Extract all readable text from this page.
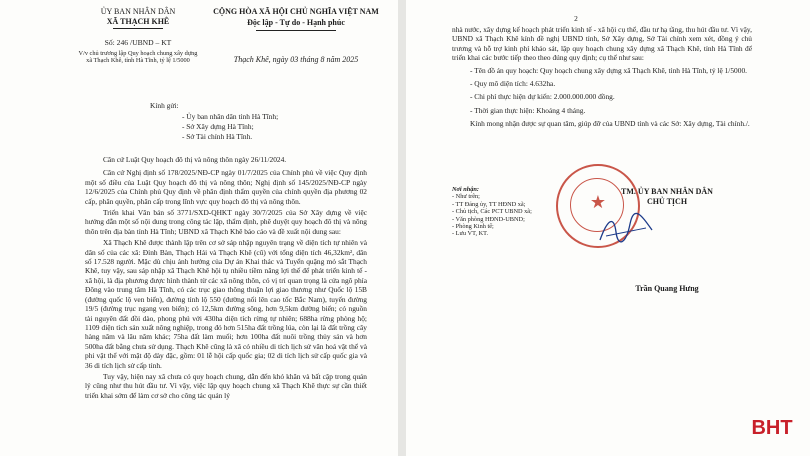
ỦY BAN NHÂN DÂN
XÃ THẠCH KHÊ
Số: 246 /UBND – KT
V/v chủ trương lập Quy hoạch chung xây dựng xã Thạch Khê, tỉnh Hà Tĩnh, tỷ lệ 1/5000
CỘNG HÒA XÃ HỘI CHỦ NGHĨA VIỆT NAM
Độc lập - Tự do - Hạnh phúc
Thạch Khê, ngày 03 tháng 8 năm 2025
Kính gửi:
- Ủy ban nhân dân tỉnh Hà Tĩnh;
- Sở Xây dựng Hà Tĩnh;
- Sở Tài chính Hà Tĩnh.

Căn cứ Luật Quy hoạch đô thị và nông thôn ngày 26/11/2024.

Căn cứ Nghị định số 178/2025/NĐ-CP ngày 01/7/2025 của Chính phủ về việc Quy định một số điều của Luật Quy hoạch đô thị và nông thôn; Nghị định số 145/2025/NĐ-CP ngày 12/6/2025 của Chính phủ Quy định về phân định thẩm quyền của chính quyền địa phương 02 cấp, phân quyền, phân cấp trong lĩnh vực quy hoạch đô thị và nông thôn.

Triển khai Văn bản số 3771/SXD-QHKT ngày 30/7/2025 của Sở Xây dựng về việc hướng dẫn một số nội dung trong công tác lập, thẩm định, phê duyệt quy hoạch đô thị và nông thôn trên địa bàn tỉnh Hà Tĩnh; UBND xã Thạch Khê báo cáo và đề xuất nội dung sau:

Xã Thạch Khê được thành lập trên cơ sở sáp nhập nguyên trạng về diện tích tự nhiên và dân số của các xã: Đỉnh Bàn, Thạch Hải và Thạch Khê (cũ) với tổng diện tích 46,32km², dân số 17.528 người. Mặc dù chịu ảnh hưởng của Dự án Khai thác và Tuyển quặng mỏ sắt Thạch Khê, tuy vậy, sau sáp nhập xã Thạch Khê hội tụ nhiều tiềm năng lợi thế để phát triển kinh tế - xã hội, là địa phương được hình thành từ các xã nông thôn, có vị trí quan trọng là cửa ngõ phía Đông vào trung tâm Hà Tĩnh, có các trục giao thông thuận lợi giao thương như Quốc lộ 15B (đường quốc lộ ven biển), đường tỉnh lộ 550 (đường nối lên cao tốc Bắc Nam), tuyến đường 19/5 (đường trục ngang ven biển); có 12,5km đường sông, hơn 9,5km đường biển; có nguồn tài nguyên đất đồi dào, phong phú với 430ha diện tích rừng tự nhiên; 688ha rừng phòng hộ; 1109 diện tích sản xuất nông nghiệp, trong đó hơn 515ha đất trồng lúa, còn lại là đất trồng cây hàng năm và lâu năm khác; 75ha đất làm muối; hơn 100ha đất nuôi trồng thủy sản và hơn 500ha đất bằng chưa sử dụng. Thạch Khê cũng là xã có nhiều di tích lịch sử văn hoá vật thể và phi vật thể với mật độ dày đặc, gồm: 01 lễ hội cấp quốc gia; 02 di tích lịch sử cấp quốc gia và 36 di tích lịch sử cấp tỉnh.

Tuy vậy, hiện nay xã chưa có quy hoạch chung, dẫn đến khó khăn và bất cập trong quản lý cũng như thu hút đầu tư. Vì vậy, việc lập quy hoạch chung xã Thạch Khê thực sự cần thiết triển khai sớm để làm cơ sở cho công tác quản lý

2

nhà nước, xây dựng kế hoạch phát triển kinh tế - xã hội cụ thể, đầu tư hạ tầng, thu hút đầu tư. Vì vậy, UBND xã Thạch Khê kính đề nghị UBND tỉnh, Sở Xây dựng, Sở Tài chính xem xét, đồng ý chủ trương và hỗ trợ kinh phí khảo sát, lập quy hoạch chung xây dựng xã Thạch Khê, tỉnh Hà Tĩnh để triển khai các bước tiếp theo theo đúng quy định; cụ thể như sau:

- Tên đồ án quy hoạch: Quy hoạch chung xây dựng xã Thạch Khê, tỉnh Hà Tĩnh, tỷ lệ 1/5000.

- Quy mô diện tích: 4.632ha.

- Chi phí thực hiện dự kiến: 2.000.000.000 đồng.

- Thời gian thực hiện: Khoảng 4 tháng.

Kính mong nhận được sự quan tâm, giúp đỡ của UBND tỉnh và các Sở: Xây dựng, Tài chính./.

Nơi nhận:
- Như trên;
- TT Đảng ủy, TT HĐND xã;
- Chủ tịch, Các PCT UBND xã;
- Văn phòng HĐND-UBND;
- Phòng Kinh tế;
- Lưu VT, KT.
TM. ỦY BAN NHÂN DÂN
CHỦ TỊCH
Trần Quang Hưng
★
BHT
